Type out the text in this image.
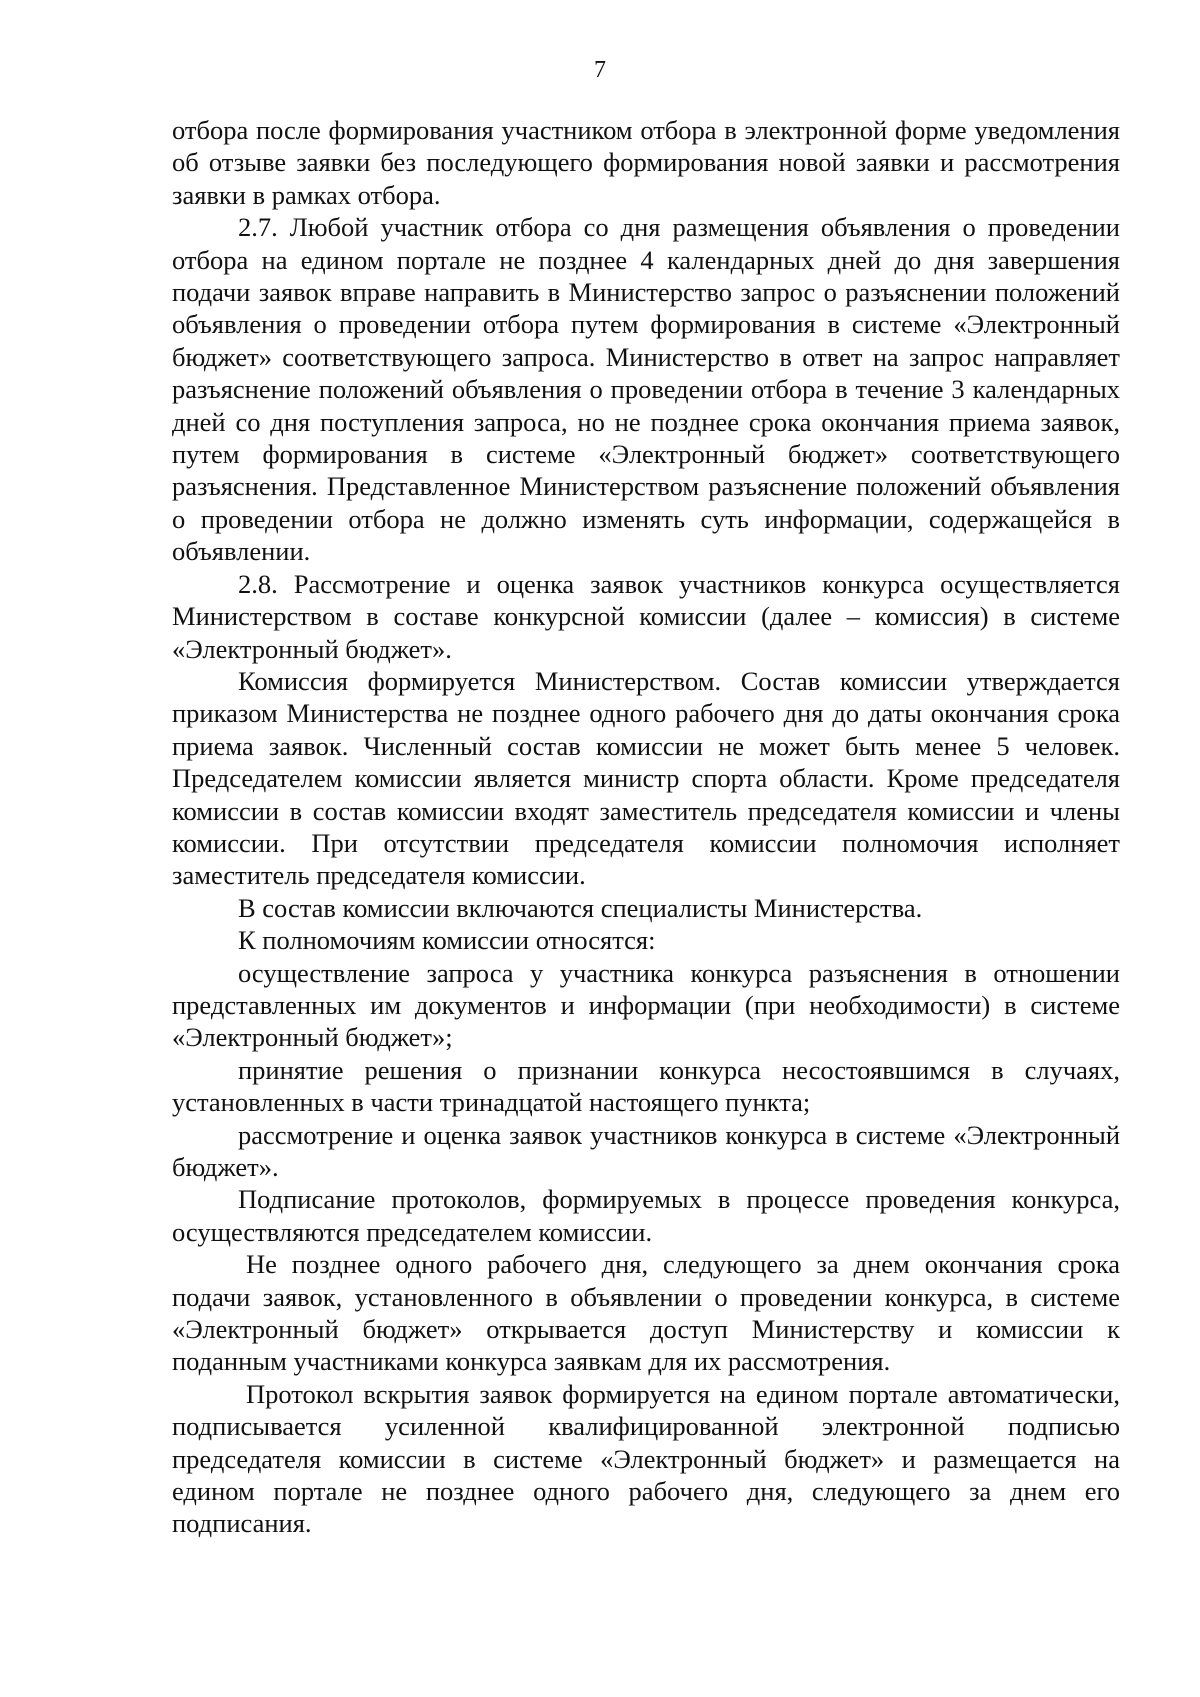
7

отбора после формирования участником отбора в электронной форме уведомления об отзыве заявки без последующего формирования новой заявки и рассмотрения заявки в рамках отбора.

2.7. Любой участник отбора со дня размещения объявления о проведении отбора на едином портале не позднее 4 календарных дней до дня завершения подачи заявок вправе направить в Министерство запрос о разъяснении положений объявления о проведении отбора путем формирования в системе «Электронный бюджет» соответствующего запроса. Министерство в ответ на запрос направляет разъяснение положений объявления о проведении отбора в течение 3 календарных дней со дня поступления запроса, но не позднее срока окончания приема заявок, путем формирования в системе «Электронный бюджет» соответствующего разъяснения. Представленное Министерством разъяснение положений объявления о проведении отбора не должно изменять суть информации, содержащейся в объявлении.

2.8. Рассмотрение и оценка заявок участников конкурса осуществляется Министерством в составе конкурсной комиссии (далее – комиссия) в системе «Электронный бюджет».

Комиссия формируется Министерством. Состав комиссии утверждается приказом Министерства не позднее одного рабочего дня до даты окончания срока приема заявок. Численный состав комиссии не может быть менее 5 человек. Председателем комиссии является министр спорта области. Кроме председателя комиссии в состав комиссии входят заместитель председателя комиссии и члены комиссии. При отсутствии председателя комиссии полномочия исполняет заместитель председателя комиссии.

В состав комиссии включаются специалисты Министерства.

К полномочиям комиссии относятся:

осуществление запроса у участника конкурса разъяснения в отношении представленных им документов и информации (при необходимости) в системе «Электронный бюджет»;

принятие решения о признании конкурса несостоявшимся в случаях, установленных в части тринадцатой настоящего пункта;

рассмотрение и оценка заявок участников конкурса в системе «Электронный бюджет».

Подписание протоколов, формируемых в процессе проведения конкурса, осуществляются председателем комиссии.

Не позднее одного рабочего дня, следующего за днем окончания срока подачи заявок, установленного в объявлении о проведении конкурса, в системе «Электронный бюджет» открывается доступ Министерству и комиссии к поданным участниками конкурса заявкам для их рассмотрения.

Протокол вскрытия заявок формируется на едином портале автоматически, подписывается усиленной квалифицированной электронной подписью председателя комиссии в системе «Электронный бюджет» и размещается на едином портале не позднее одного рабочего дня, следующего за днем его подписания.
